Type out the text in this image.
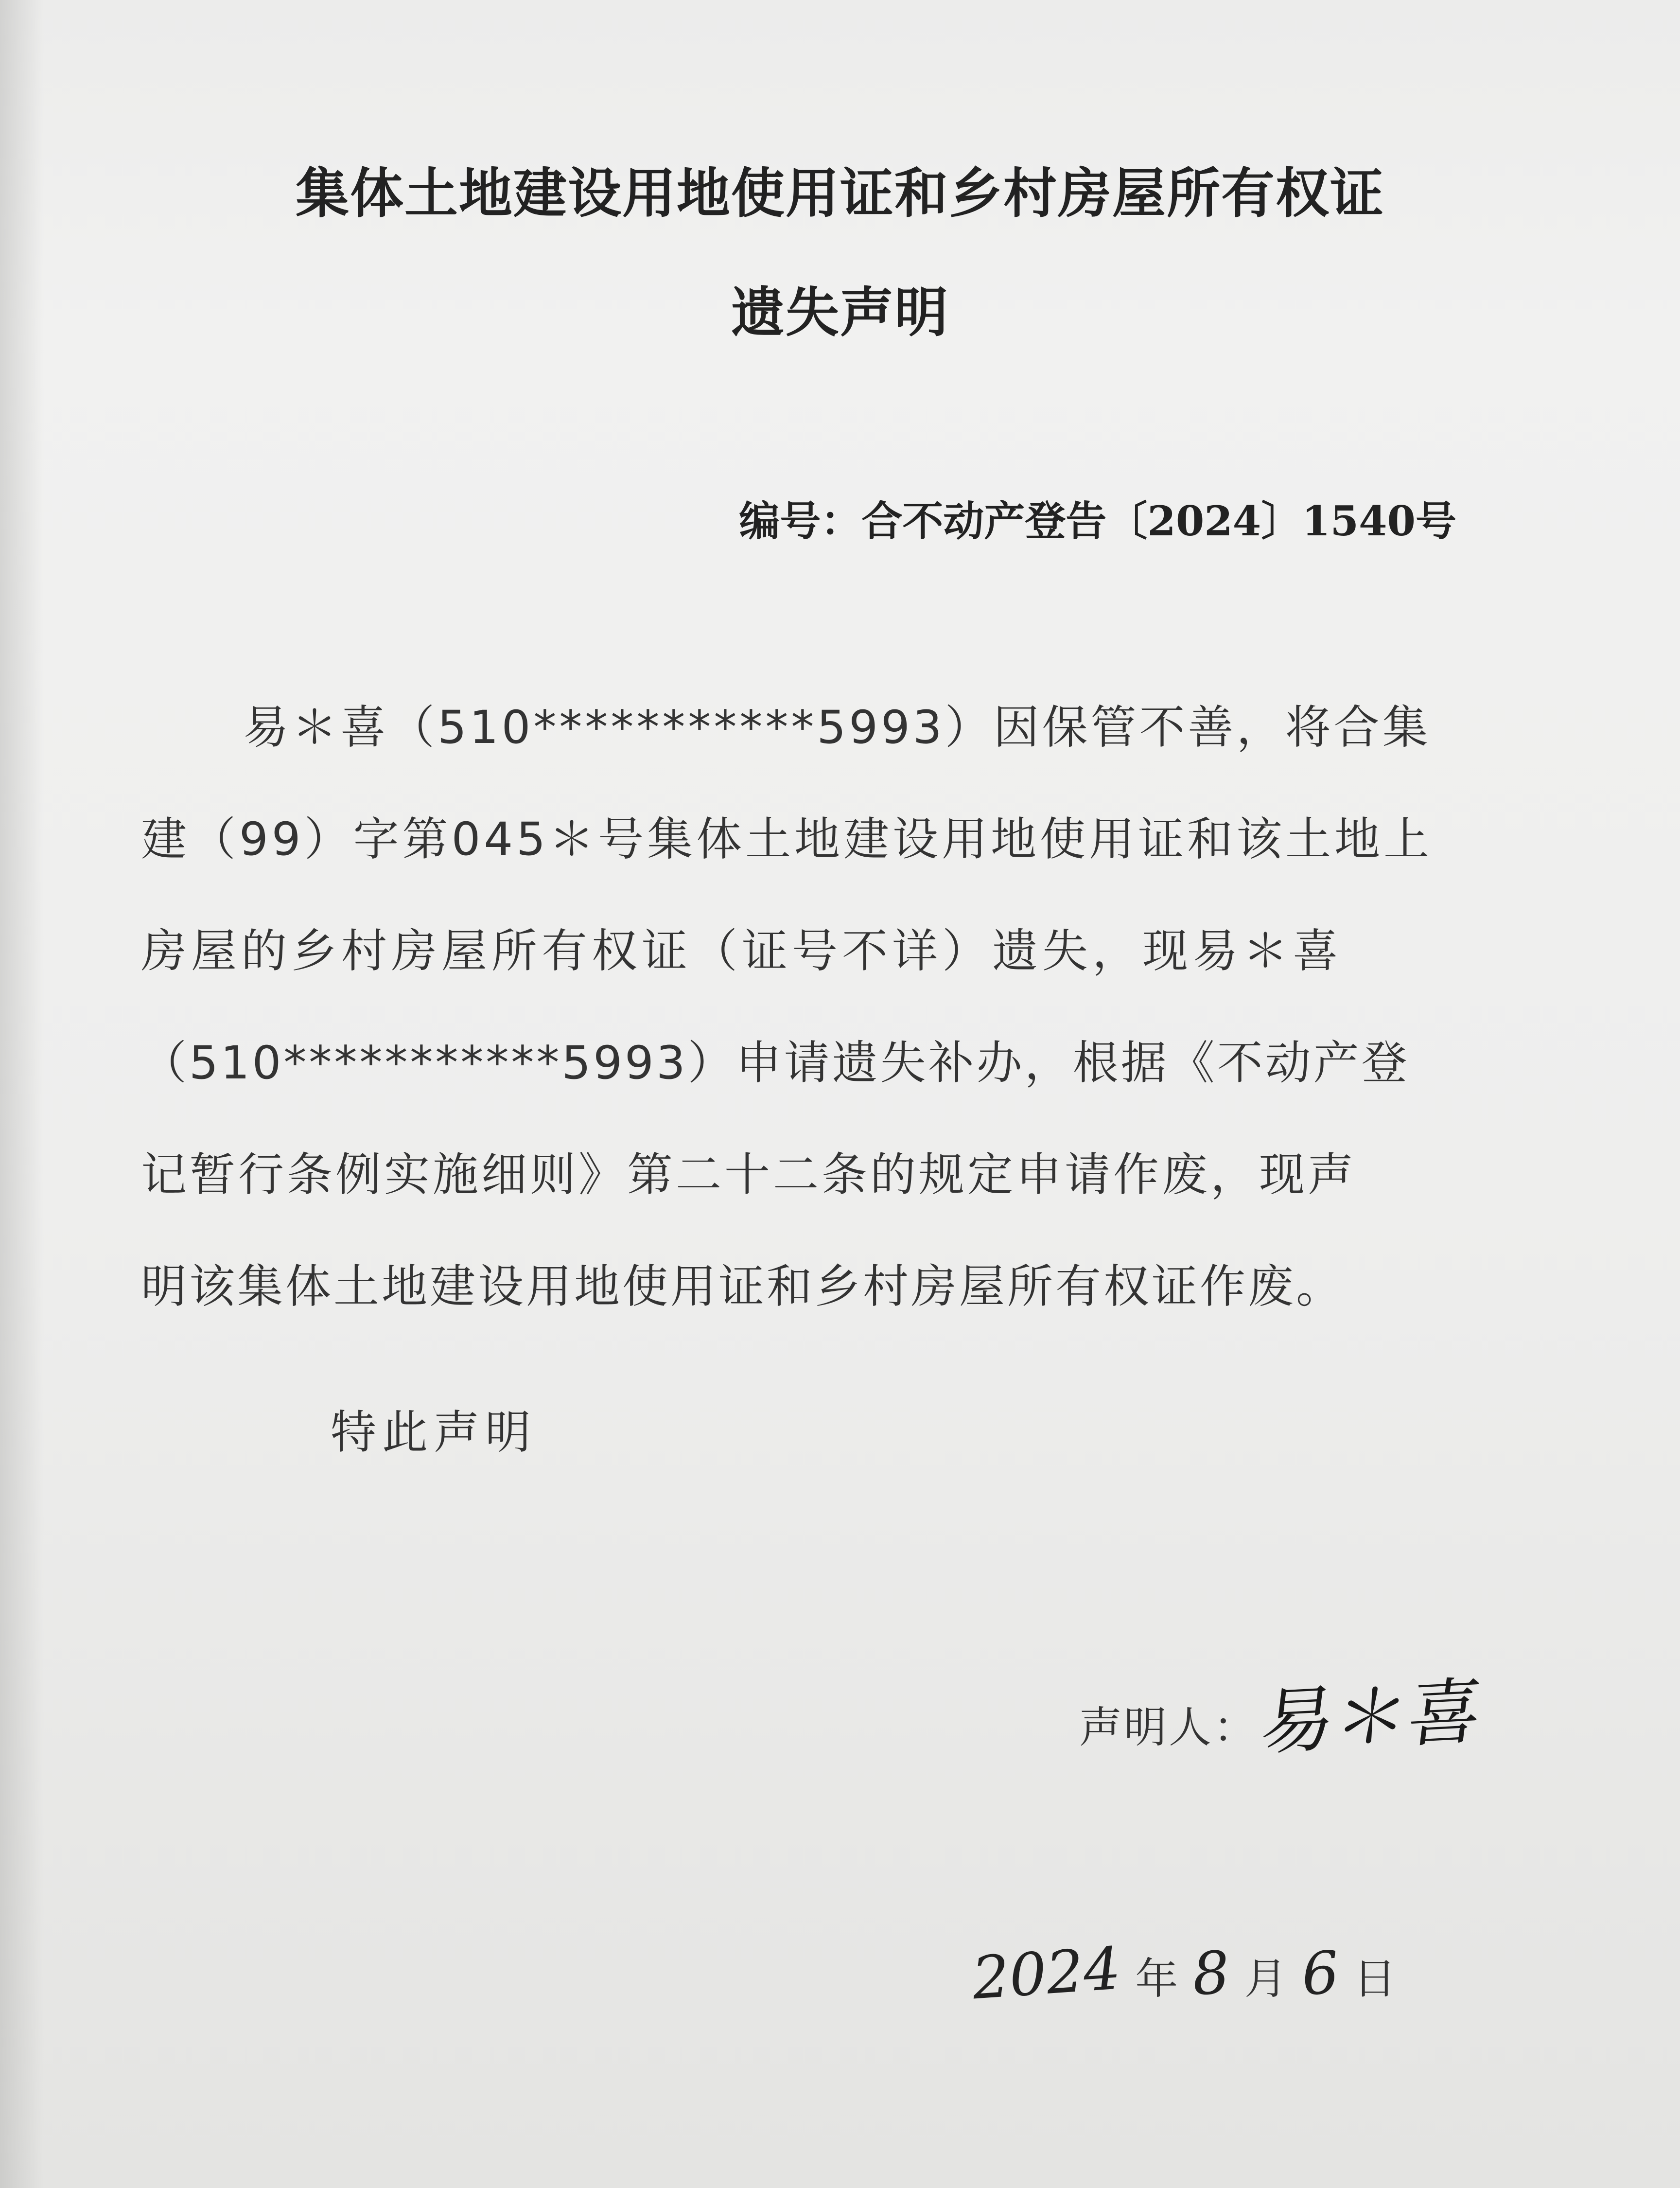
集体土地建设用地使用证和乡村房屋所有权证
遗失声明
编号：合不动产登告〔2024〕1540号
易＊喜（510***********5993）因保管不善，将合集
建（99）字第045＊号集体土地建设用地使用证和该土地上
房屋的乡村房屋所有权证（证号不详）遗失，现易＊喜
（510***********5993）申请遗失补办，根据《不动产登
记暂行条例实施细则》第二十二条的规定申请作废，现声
明该集体土地建设用地使用证和乡村房屋所有权证作废。
特此声明
声明人：易＊喜
2024 年 8 月 6 日
